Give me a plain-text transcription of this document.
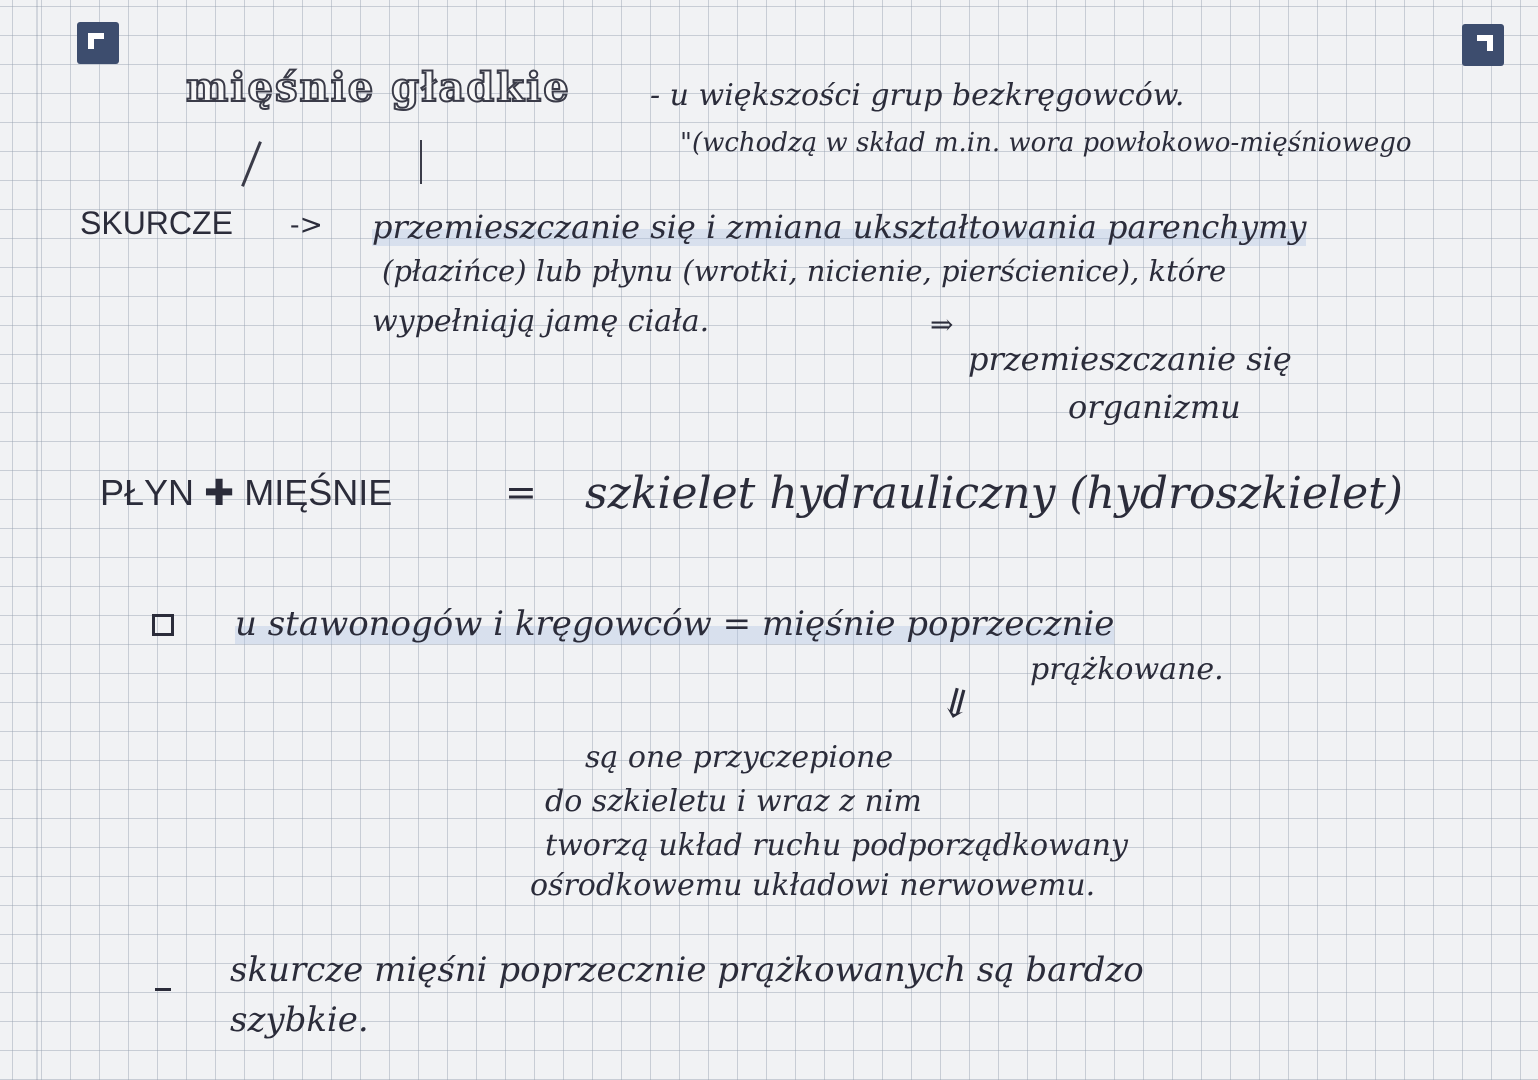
mięśnie gładkie	- u większości grup bezkręgowców.
"(wchodzą w skład m.in. wora powłokowo-mięśniowego
SKURCZE -> przemieszczanie się i zmiana ukształtowania parenchymy
(płazińce) lub płynu (wrotki, nicienie, pierścienice), które
wypełniają jamę ciała.	⇒
przemieszczanie się
organizmu
PŁYN ✚ MIĘŚNIE	= szkielet hydrauliczny (hydroszkielet)
u stawonogów i kręgowców = mięśnie poprzecznie
prążkowane.
⇙
są one przyczepione
do szkieletu i wraz z nim
tworzą układ ruchu podporządkowany
ośrodkowemu układowi nerwowemu.
skurcze mięśni poprzecznie prążkowanych są bardzo
szybkie.
